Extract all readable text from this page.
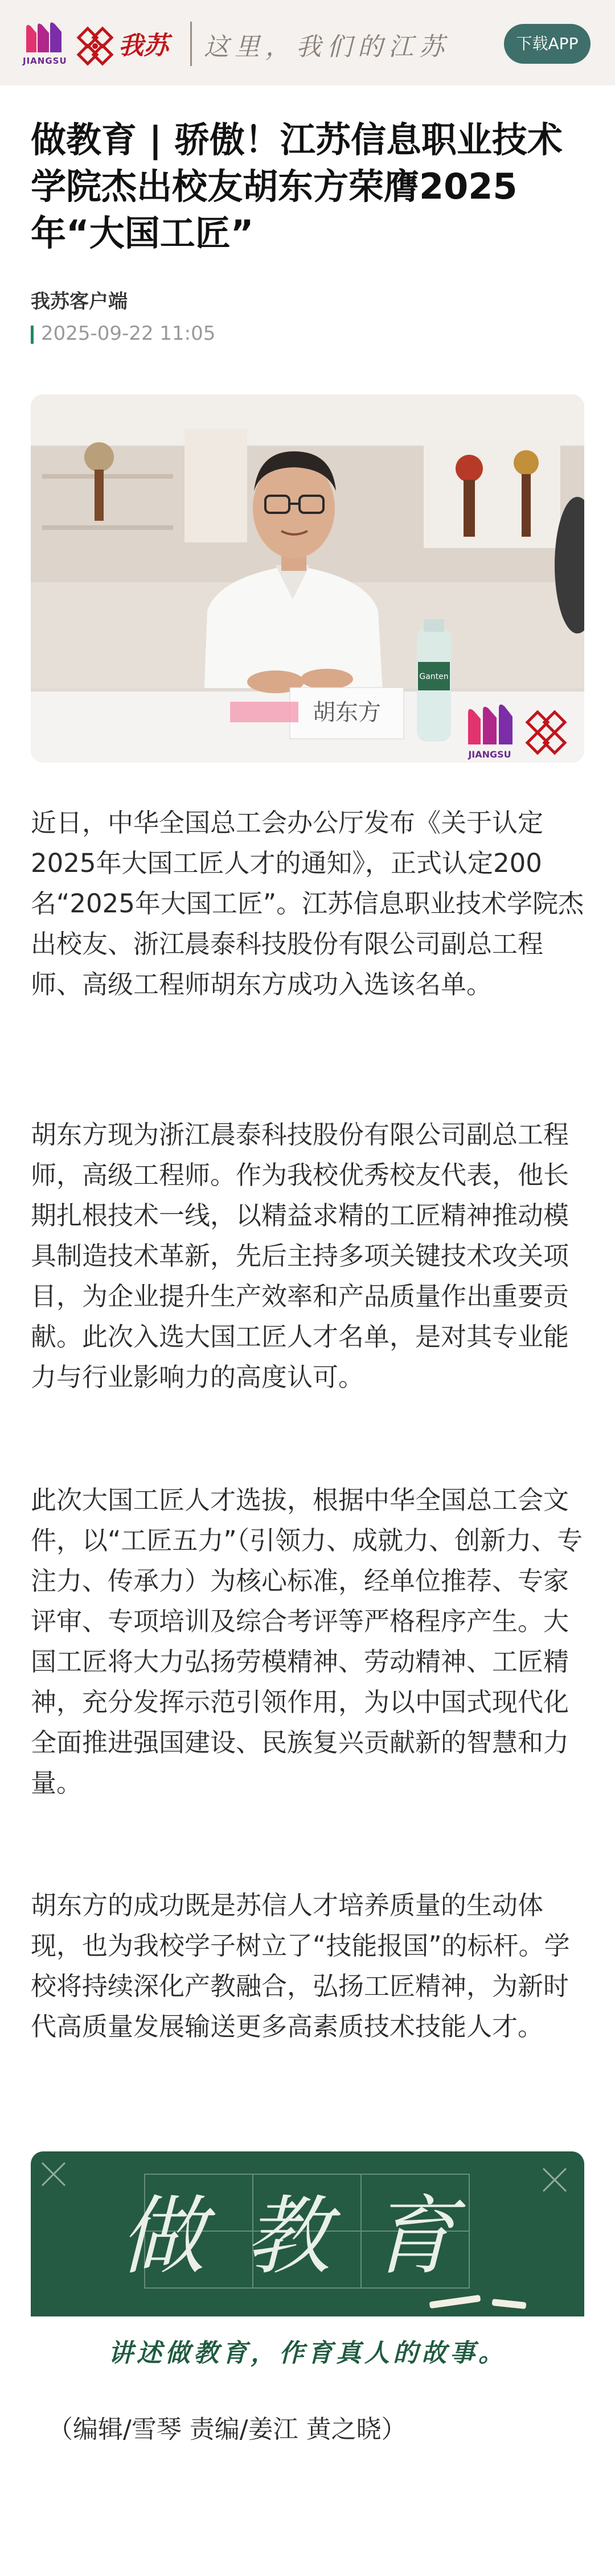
JIANGSU
我苏 这里，我们的江苏	下载APP
做教育 | 骄傲！江苏信息职业技术学院杰出校友胡东方荣膺2025年“大国工匠”
我苏客户端
2025-09-22 11:05
胡东方
Ganten
JIANGSU

近日，中华全国总工会办公厅发布《关于认定2025年大国工匠人才的通知》，正式认定200名“2025年大国工匠”。江苏信息职业技术学院杰出校友、浙江晨泰科技股份有限公司副总工程师、高级工程师胡东方成功入选该名单。

胡东方现为浙江晨泰科技股份有限公司副总工程师，高级工程师。作为我校优秀校友代表，他长期扎根技术一线，以精益求精的工匠精神推动模具制造技术革新，先后主持多项关键技术攻关项目，为企业提升生产效率和产品质量作出重要贡献。此次入选大国工匠人才名单，是对其专业能力与行业影响力的高度认可。

此次大国工匠人才选拔，根据中华全国总工会文件，以“工匠五力”（引领力、成就力、创新力、专注力、传承力）为核心标准，经单位推荐、专家评审、专项培训及综合考评等严格程序产生。大国工匠将大力弘扬劳模精神、劳动精神、工匠精神，充分发挥示范引领作用，为以中国式现代化全面推进强国建设、民族复兴贡献新的智慧和力量。

胡东方的成功既是苏信人才培养质量的生动体现，也为我校学子树立了“技能报国”的标杆。学校将持续深化产教融合，弘扬工匠精神，为新时代高质量发展输送更多高素质技术技能人才。

做教育
讲述做教育，作育真人的故事。
（编辑/雪琴 责编/姜江 黄之晓）
